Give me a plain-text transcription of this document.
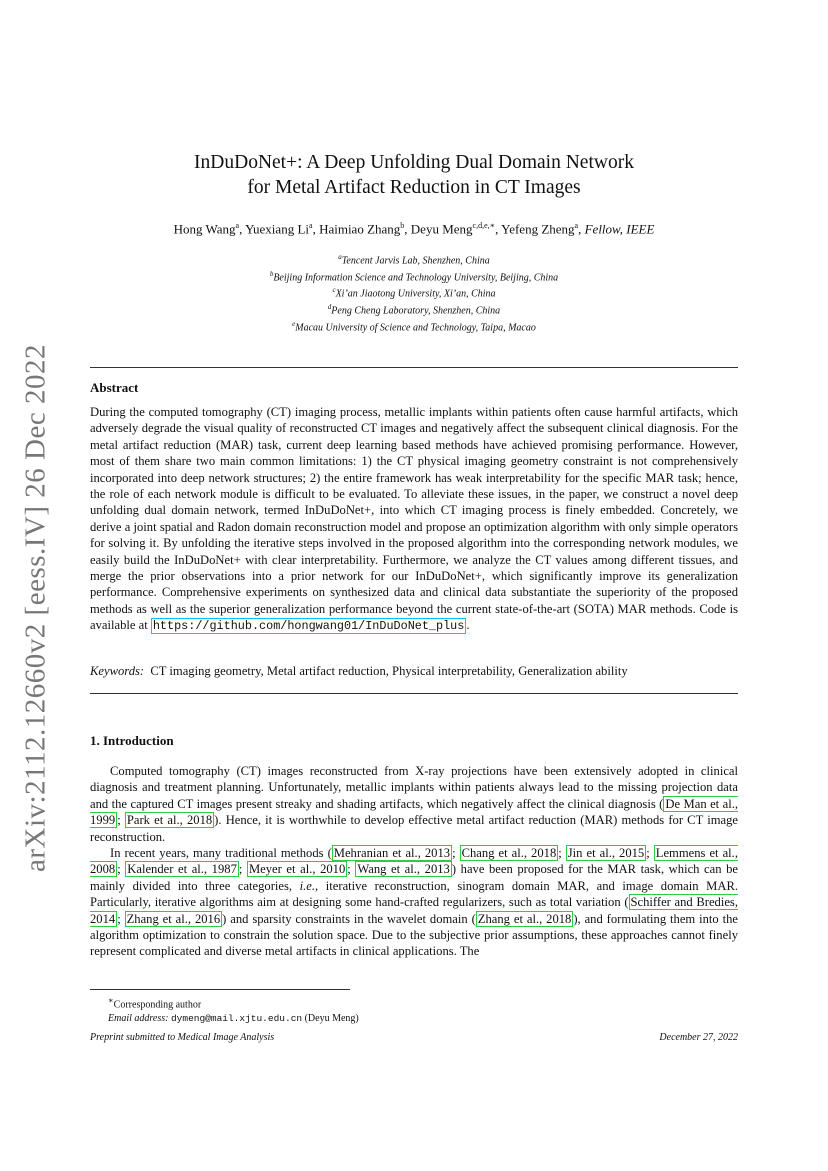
arXiv:2112.12660v2 [eess.IV] 26 Dec 2022
InDuDoNet+: A Deep Unfolding Dual Domain Network
for Metal Artifact Reduction in CT Images
Hong Wang$^a$, Yuexiang Li$^a$, Haimiao Zhang$^b$, Deyu Meng$^{c,d,e,∗}$, Yefeng Zheng$^a$, Fellow, IEEE
$^a$Tencent Jarvis Lab, Shenzhen, China
$^b$Beijing Information Science and Technology University, Beijing, China
$^c$Xi’an Jiaotong University, Xi’an, China
$^d$Peng Cheng Laboratory, Shenzhen, China
$^e$Macau University of Science and Technology, Taipa, Macao
Abstract

During the computed tomography (CT) imaging process, metallic implants within patients often cause harmful artifacts, which adversely degrade the visual quality of reconstructed CT images and negatively affect the subsequent clinical diagnosis. For the metal artifact reduction (MAR) task, current deep learning based methods have achieved promising performance. However, most of them share two main common limitations: 1) the CT physical imaging geometry constraint is not comprehensively incorporated into deep network structures; 2) the entire framework has weak interpretability for the specific MAR task; hence, the role of each network module is difficult to be evaluated. To alleviate these issues, in the paper, we construct a novel deep unfolding dual domain network, termed InDuDoNet+, into which CT imaging process is finely embedded. Concretely, we derive a joint spatial and Radon domain reconstruction model and propose an optimization algorithm with only simple operators for solving it. By unfolding the iterative steps involved in the proposed algorithm into the corresponding network modules, we easily build the InDuDoNet+ with clear interpretability. Furthermore, we analyze the CT values among different tissues, and merge the prior observations into a prior network for our InDuDoNet+, which significantly improve its generalization performance. Comprehensive experiments on synthesized data and clinical data substantiate the superiority of the proposed methods as well as the superior generalization performance beyond the current state-of-the-art (SOTA) MAR methods. Code is available at https://github.com/hongwang01/InDuDoNet_plus .

Keywords: CT imaging geometry, Metal artifact reduction, Physical interpretability, Generalization ability
1. Introduction

Computed tomography (CT) images reconstructed from X-ray projections have been extensively adopted in clinical diagnosis and treatment planning. Unfortunately, metallic implants within patients always lead to the missing projection data and the captured CT images present streaky and shading artifacts, which negatively affect the clinical diagnosis ( De Man et al., 1999 ; Park et al., 2018 ). Hence, it is worthwhile to develop effective metal artifact reduction (MAR) methods for CT image reconstruction.

In recent years, many traditional methods ( Mehranian et al., 2013 ; Chang et al., 2018 ; Jin et al., 2015 ; Lemmens et al., 2008 ; Kalender et al., 1987 ; Meyer et al., 2010 ; Wang et al., 2013 ) have been proposed for the MAR task, which can be mainly divided into three categories, i.e., iterative reconstruction, sinogram domain MAR, and image domain MAR. Particularly, iterative algorithms aim at designing some hand-crafted regularizers, such as total variation ( Schiffer and Bredies, 2014 ; Zhang et al., 2016 ) and sparsity constraints in the wavelet domain ( Zhang et al., 2018 ), and formulating them into the algorithm optimization to constrain the solution space. Due to the subjective prior assumptions, these approaches cannot finely represent complicated and diverse metal artifacts in clinical applications. The

∗Corresponding author
Email address: dymeng@mail.xjtu.edu.cn (Deyu Meng)
Preprint submitted to Medical Image Analysis	December 27, 2022
